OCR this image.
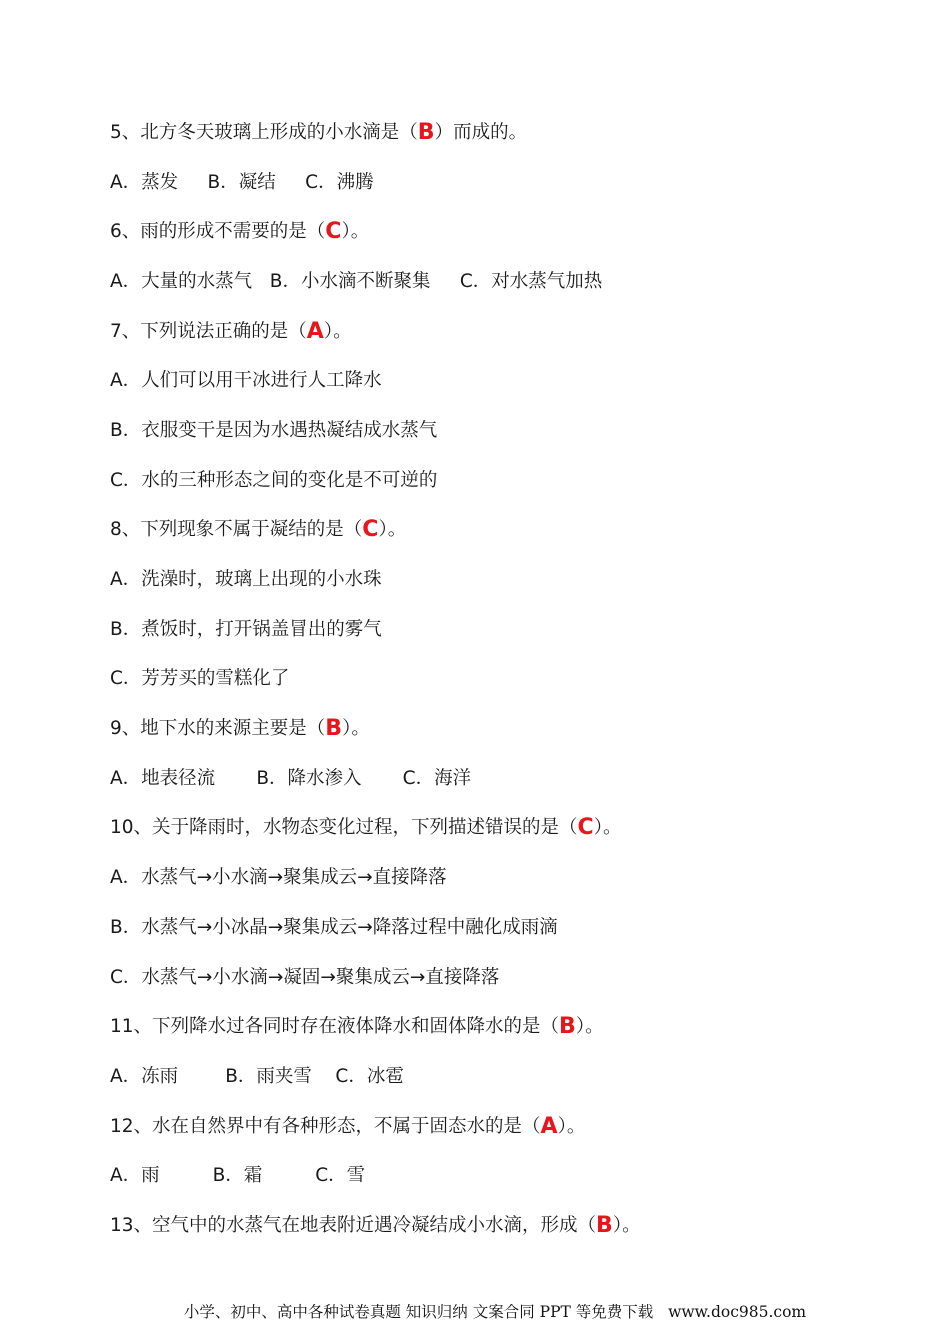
5、北方冬天玻璃上形成的小水滴是（ B ）而成的。
A．蒸发     B．凝结     C．沸腾
6、雨的形成不需要的是（ C ）。
A．大量的水蒸气   B．小水滴不断聚集     C．对水蒸气加热
7、下列说法正确的是（ A ）。
A．人们可以用干冰进行人工降水
B．衣服变干是因为水遇热凝结成水蒸气
C．水的三种形态之间的变化是不可逆的
8、下列现象不属于凝结的是（ C ）。
A．洗澡时，玻璃上出现的小水珠
B．煮饭时，打开锅盖冒出的雾气
C．芳芳买的雪糕化了
9、地下水的来源主要是（ B ）。
A．地表径流       B．降水渗入       C．海洋
10、关于降雨时，水物态变化过程，下列描述错误的是（ C ）。
A．水蒸气→小水滴→聚集成云→直接降落
B．水蒸气→小冰晶→聚集成云→降落过程中融化成雨滴
C．水蒸气→小水滴→凝固→聚集成云→直接降落
11、下列降水过各同时存在液体降水和固体降水的是（ B ）。
A．冻雨        B．雨夹雪    C．冰雹
12、水在自然界中有各种形态，不属于固态水的是（ A ）。
A．雨         B．霜         C．雪
13、空气中的水蒸气在地表附近遇冷凝结成小水滴，形成（ B ）。
小学、初中、高中各种试卷真题 知识归纳 文案合同 PPT 等免费下载   www.doc985.com
